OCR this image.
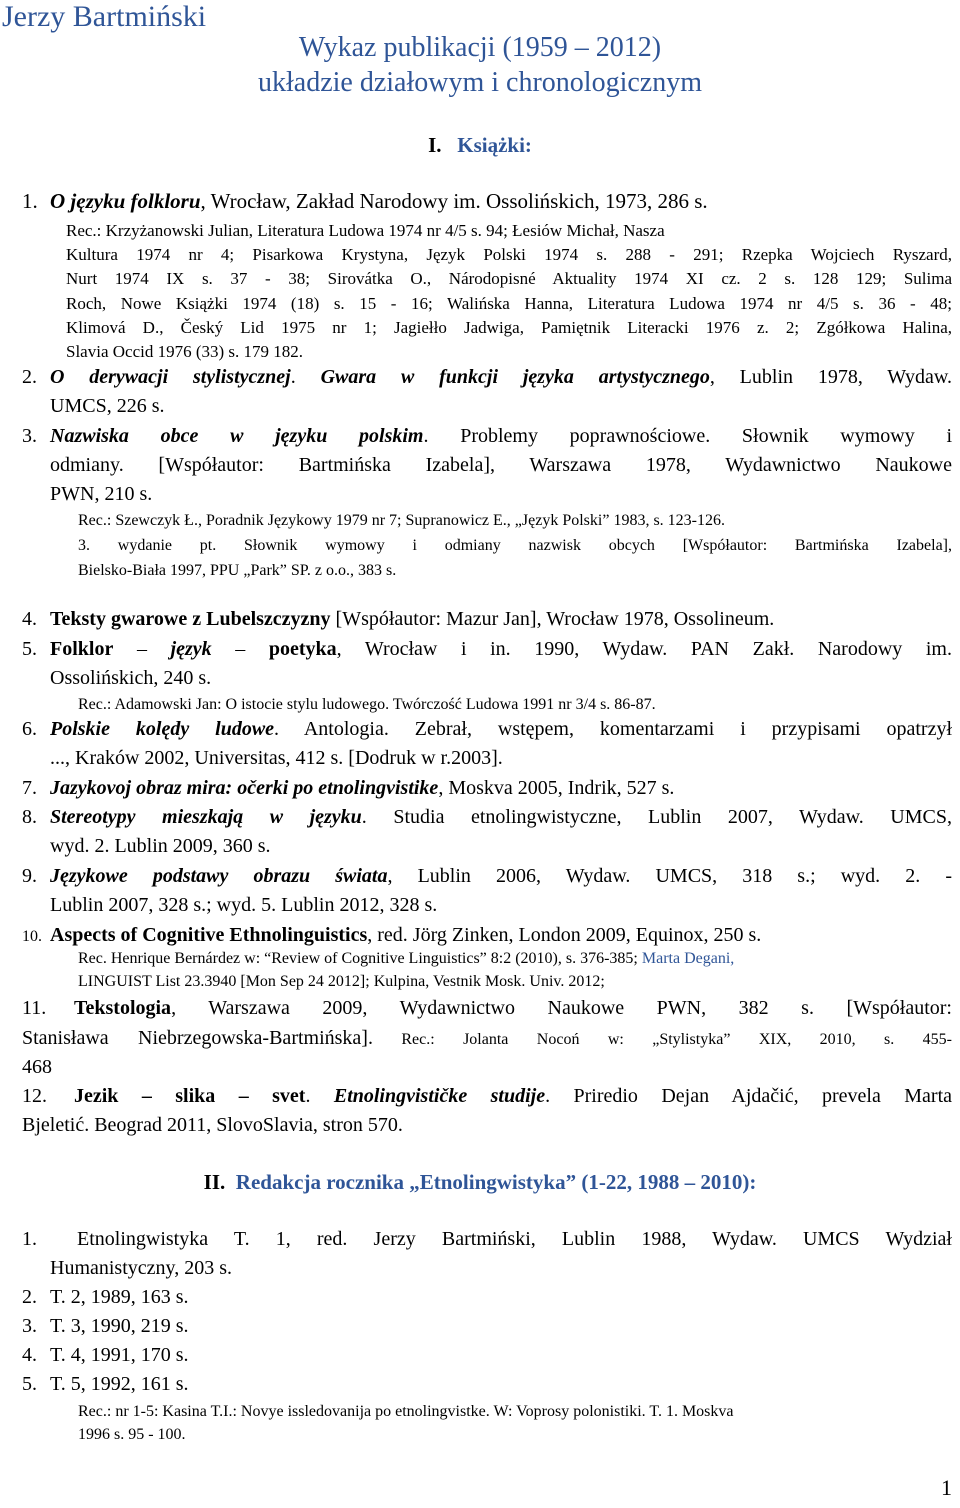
Jerzy Bartmiński
Wykaz publikacji (1959 – 2012)
układzie działowym i chronologicznym
I. Książki:
1. O języku folkloru, Wrocław, Zakład Narodowy im. Ossolińskich, 1973, 286 s.
Rec.: Krzyżanowski Julian, Literatura Ludowa 1974 nr 4/5 s. 94; Łesiów Michał, Nasza
Kultura 1974 nr 4; Pisarkowa Krystyna, Język Polski 1974 s. 288 - 291; Rzepka Wojciech Ryszard,
Nurt 1974 IX s. 37 - 38; Sirovátka O., Národopisné Aktuality 1974 XI cz. 2 s. 128 129; Sulima
Roch, Nowe Książki 1974 (18) s. 15 - 16; Walińska Hanna, Literatura Ludowa 1974 nr 4/5 s. 36 - 48;
Klimová D., Český Lid 1975 nr 1; Jagiełło Jadwiga, Pamiętnik Literacki 1976 z. 2; Zgółkowa Halina,
Slavia Occid 1976 (33) s. 179 182.
2. O derywacji stylistycznej. Gwara w funkcji języka artystycznego, Lublin 1978, Wydaw.
UMCS, 226 s.
3. Nazwiska obce w języku polskim. Problemy poprawnościowe. Słownik wymowy i
odmiany. [Współautor: Bartmińska Izabela], Warszawa 1978, Wydawnictwo Naukowe
PWN, 210 s.
Rec.: Szewczyk Ł., Poradnik Językowy 1979 nr 7; Supranowicz E., „Język Polski” 1983, s. 123-126.
3. wydanie pt. Słownik wymowy i odmiany nazwisk obcych [Współautor: Bartmińska Izabela],
Bielsko-Biała 1997, PPU „Park” SP. z o.o., 383 s.
4. Teksty gwarowe z Lubelszczyzny [Współautor: Mazur Jan], Wrocław 1978, Ossolineum.
5. Folklor – język – poetyka, Wrocław i in. 1990, Wydaw. PAN Zakł. Narodowy im.
Ossolińskich, 240 s.
Rec.: Adamowski Jan: O istocie stylu ludowego. Twórczość Ludowa 1991 nr 3/4 s. 86-87.
6. Polskie kolędy ludowe. Antologia. Zebrał, wstępem, komentarzami i przypisami opatrzył
..., Kraków 2002, Universitas, 412 s. [Dodruk w r.2003].
7. Jazykovoj obraz mira: očerki po etnolingvistike, Moskva 2005, Indrik, 527 s.
8. Stereotypy mieszkają w języku. Studia etnolingwistyczne, Lublin 2007, Wydaw. UMCS,
wyd. 2. Lublin 2009, 360 s.
9. Językowe podstawy obrazu świata, Lublin 2006, Wydaw. UMCS, 318 s.; wyd. 2. -
Lublin 2007, 328 s.; wyd. 5. Lublin 2012, 328 s.
10. Aspects of Cognitive Ethnolinguistics, red. Jörg Zinken, London 2009, Equinox, 250 s.
Rec. Henrique Bernárdez w: “Review of Cognitive Linguistics” 8:2 (2010), s. 376-385; Marta Degani,
LINGUIST List 23.3940 [Mon Sep 24 2012]; Kulpina, Vestnik Mosk. Univ. 2012;
11. Tekstologia, Warszawa 2009, Wydawnictwo Naukowe PWN, 382 s. [Współautor:
Stanisława Niebrzegowska-Bartmińska]. Rec.: Jolanta Nocoń w: „Stylistyka” XIX, 2010, s. 455-
468
12. Jezik – slika – svet. Etnolingvističke studije. Priredio Dejan Ajdačić, prevela Marta
Bjeletić. Beograd 2011, SlovoSlavia, stron 570.
II. Redakcja rocznika „Etnolingwistyka” (1-22, 1988 – 2010):
1. Etnolingwistyka T. 1, red. Jerzy Bartmiński, Lublin 1988, Wydaw. UMCS Wydział
Humanistyczny, 203 s.
2. T. 2, 1989, 163 s.
3. T. 3, 1990, 219 s.
4. T. 4, 1991, 170 s.
5. T. 5, 1992, 161 s.
Rec.: nr 1-5: Kasina T.I.: Novye issledovanija po etnolingvistke. W: Voprosy polonistiki. T. 1. Moskva
1996 s. 95 - 100.
1
